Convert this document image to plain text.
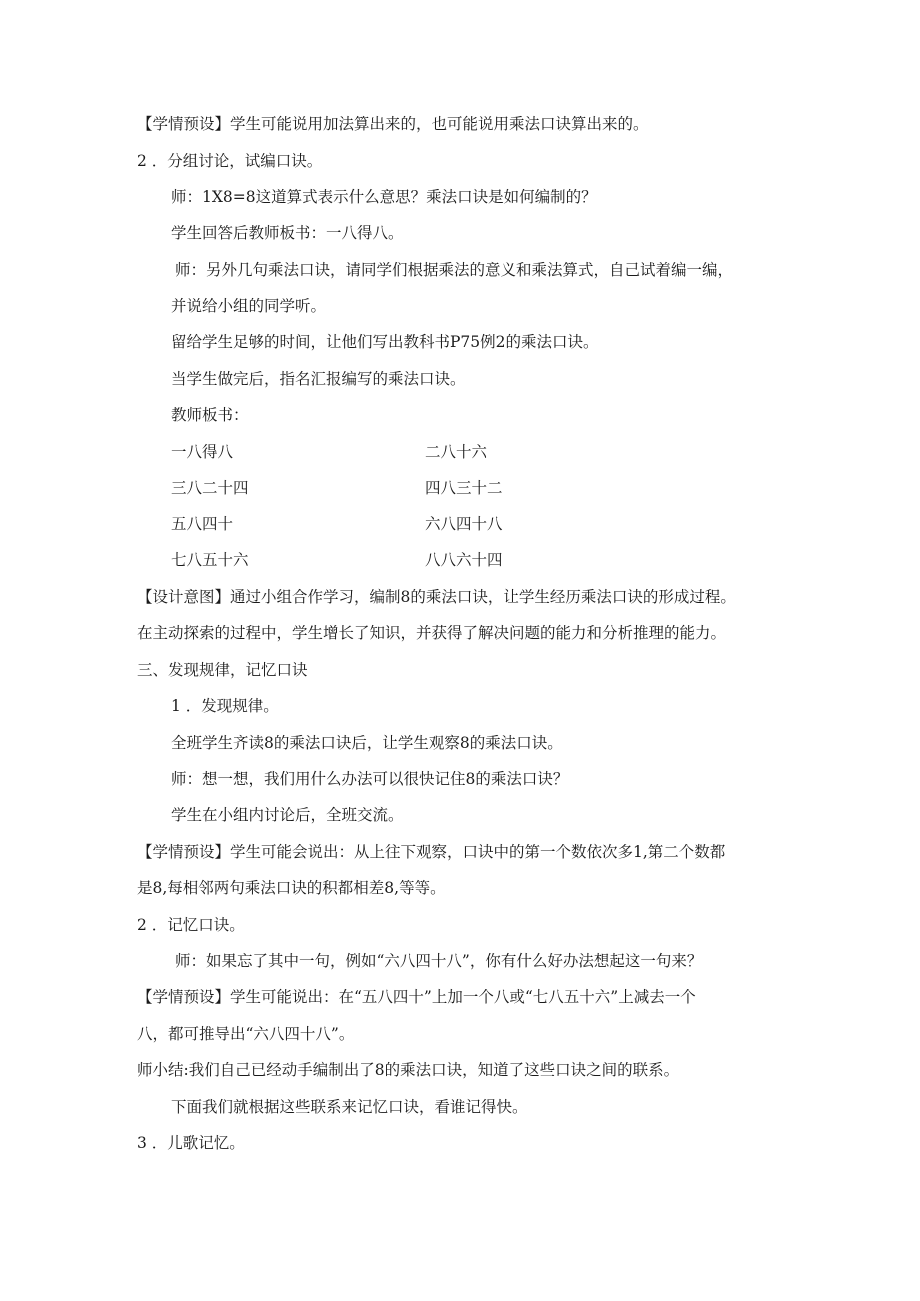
【学情预设】学生可能说用加法算出来的，也可能说用乘法口诀算出来的。
2 ．分组讨论，试编口诀。
师：1X8=8这道算式表示什么意思？乘法口诀是如何编制的？
学生回答后教师板书：一八得八。
师：另外几句乘法口诀，请同学们根据乘法的意义和乘法算式，自己试着编一编，
并说给小组的同学听。
留给学生足够的时间，让他们写出教科书P75例2的乘法口诀。
当学生做完后，指名汇报编写的乘法口诀。
教师板书：
一八得八	二八十六
三八二十四	四八三十二
五八四十	六八四十八
七八五十六	八八六十四
【设计意图】通过小组合作学习，编制8的乘法口诀，让学生经历乘法口诀的形成过程。
在主动探索的过程中，学生增长了知识，并获得了解决问题的能力和分析推理的能力。
三、发现规律，记忆口诀
1 ．发现规律。
全班学生齐读8的乘法口诀后，让学生观察8的乘法口诀。
师：想一想，我们用什么办法可以很快记住8的乘法口诀？
学生在小组内讨论后，全班交流。
【学情预设】学生可能会说出：从上往下观察，口诀中的第一个数依次多1,第二个数都
是8,每相邻两句乘法口诀的积都相差8,等等。
2 ．记忆口诀。
师：如果忘了其中一句，例如“六八四十八”，你有什么好办法想起这一句来？
【学情预设】学生可能说出：在“五八四十”上加一个八或“七八五十六”上减去一个
八，都可推导出“六八四十八”。
师小结:我们自己已经动手编制出了8的乘法口诀，知道了这些口诀之间的联系。
下面我们就根据这些联系来记忆口诀，看谁记得快。
3 ．儿歌记忆。
